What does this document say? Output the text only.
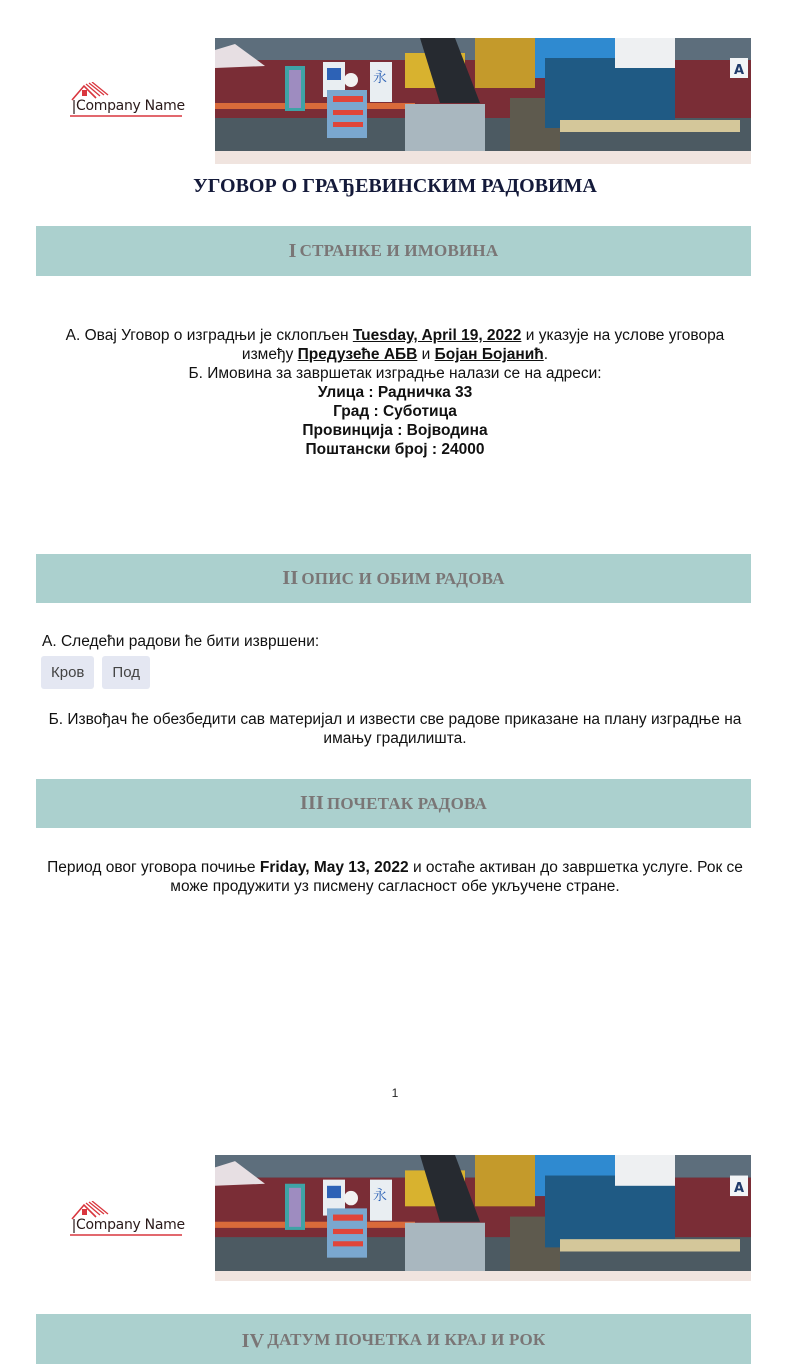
Company Name
永	A
УГОВОР О ГРАЂЕВИНСКИМ РАДОВИМА
I СТРАНКЕ И ИМОВИНА
А. Овај Уговор о изградњи је склопљен Tuesday, April 19, 2022 и указује на услове уговора између Предузеће АБВ и Бојан Бојанић.
Б. Имовина за завршетак изградње налази се на адреси:
Улица : Радничка 33
Град : Суботица
Провинција : Војводина
Поштански број : 24000
II ОПИС И ОБИМ РАДОВА
А. Следећи радови ће бити извршени:
Кров Под
Б. Извођач ће обезбедити сав материјал и извести све радове приказане на плану изградње на имању градилишта.
III ПОЧЕТАК РАДОВА
Период овог уговора почиње Friday, May 13, 2022 и остаће активан до завршетка услуге. Рок се може продужити уз писмену сагласност обе укључене стране.
1
Company Name
永	A
IV ДАТУМ ПОЧЕТКА И КРАЈ И РОК
